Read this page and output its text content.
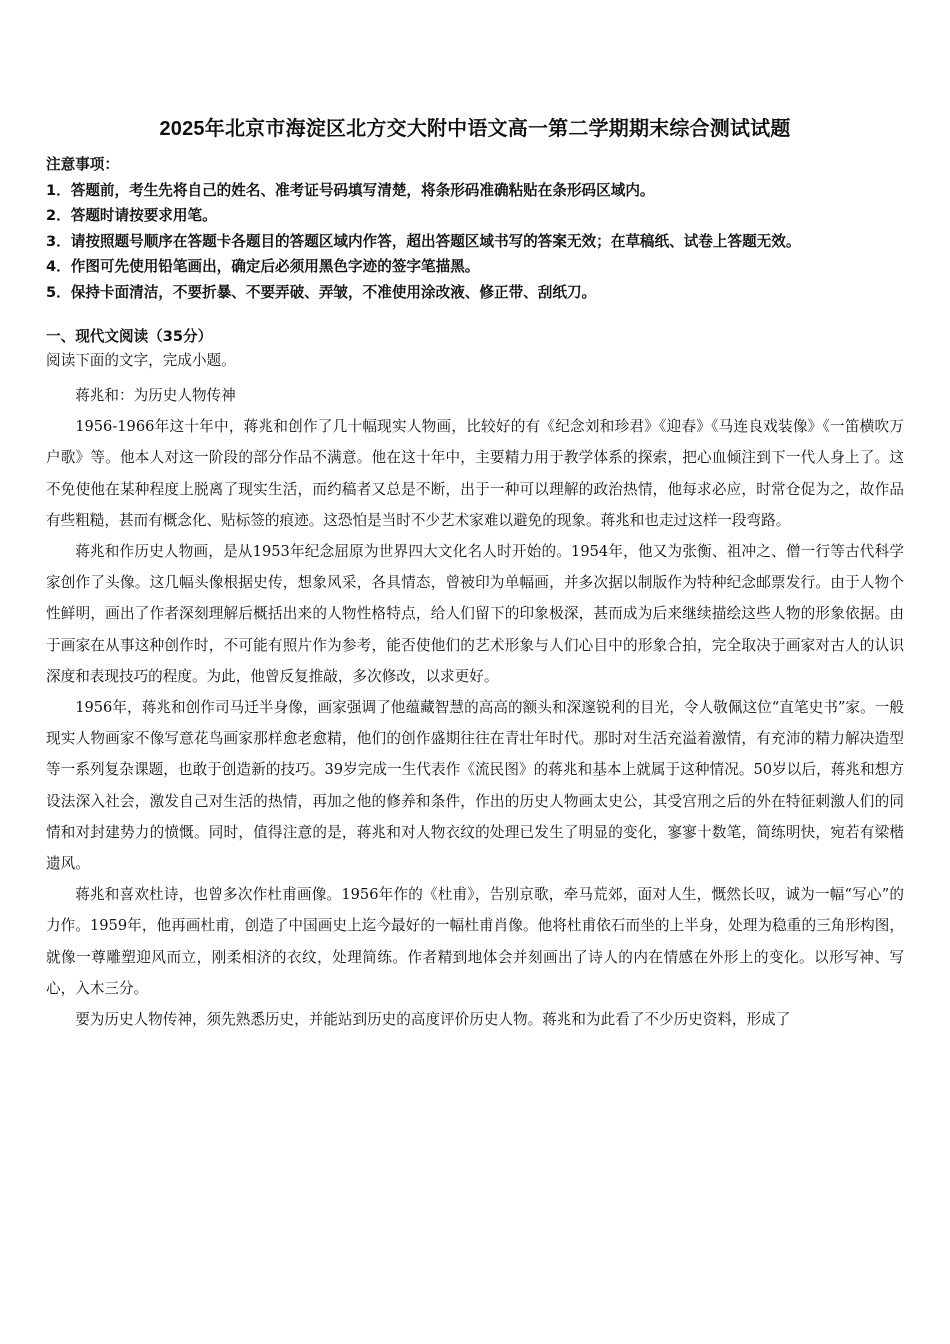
2025年北京市海淀区北方交大附中语文高一第二学期期末综合测试试题
注意事项：
1．答题前，考生先将自己的姓名、准考证号码填写清楚，将条形码准确粘贴在条形码区域内。
2．答题时请按要求用笔。
3．请按照题号顺序在答题卡各题目的答题区域内作答，超出答题区域书写的答案无效；在草稿纸、试卷上答题无效。
4．作图可先使用铅笔画出，确定后必须用黑色字迹的签字笔描黑。
5．保持卡面清洁，不要折暴、不要弄破、弄皱，不准使用涂改液、修正带、刮纸刀。
一、现代文阅读（35分）
阅读下面的文字，完成小题。
蒋兆和：为历史人物传神

1956-1966年这十年中，蒋兆和创作了几十幅现实人物画，比较好的有《纪念刘和珍君》《迎春》《马连良戏装像》《一笛横吹万户歌》等。他本人对这一阶段的部分作品不满意。他在这十年中，主要精力用于教学体系的探索，把心血倾注到下一代人身上了。这不免使他在某种程度上脱离了现实生活，而约稿者又总是不断，出于一种可以理解的政治热情，他每求必应，时常仓促为之，故作品有些粗糙，甚而有概念化、贴标签的痕迹。这恐怕是当时不少艺术家难以避免的现象。蒋兆和也走过这样一段弯路。

蒋兆和作历史人物画，是从1953年纪念屈原为世界四大文化名人时开始的。1954年，他又为张衡、祖冲之、僧一行等古代科学家创作了头像。这几幅头像根据史传，想象风采，各具情态，曾被印为单幅画，并多次据以制版作为特种纪念邮票发行。由于人物个性鲜明，画出了作者深刻理解后概括出来的人物性格特点，给人们留下的印象极深，甚而成为后来继续描绘这些人物的形象依据。由于画家在从事这种创作时，不可能有照片作为参考，能否使他们的艺术形象与人们心目中的形象合拍，完全取决于画家对古人的认识深度和表现技巧的程度。为此，他曾反复推敲，多次修改，以求更好。

1956年，蒋兆和创作司马迁半身像，画家强调了他蕴藏智慧的高高的额头和深邃锐利的目光，令人敬佩这位“直笔史书”家。一般现实人物画家不像写意花鸟画家那样愈老愈精，他们的创作盛期往往在青壮年时代。那时对生活充溢着激情，有充沛的精力解决造型等一系列复杂课题，也敢于创造新的技巧。39岁完成一生代表作《流民图》的蒋兆和基本上就属于这种情况。50岁以后，蒋兆和想方设法深入社会，激发自己对生活的热情，再加之他的修养和条件，作出的历史人物画太史公，其受宫刑之后的外在特征刺激人们的同情和对封建势力的愤慨。同时，值得注意的是，蒋兆和对人物衣纹的处理已发生了明显的变化，寥寥十数笔，简练明快，宛若有梁楷遗风。

蒋兆和喜欢杜诗，也曾多次作杜甫画像。1956年作的《杜甫》，告别京歌，牵马荒郊，面对人生，慨然长叹，诚为一幅“写心”的力作。1959年，他再画杜甫，创造了中国画史上迄今最好的一幅杜甫肖像。他将杜甫依石而坐的上半身，处理为稳重的三角形构图，就像一尊雕塑迎风而立，刚柔相济的衣纹，处理简练。作者精到地体会并刻画出了诗人的内在情感在外形上的变化。以形写神、写心，入木三分。

要为历史人物传神，须先熟悉历史，并能站到历史的高度评价历史人物。蒋兆和为此看了不少历史资料，形成了
